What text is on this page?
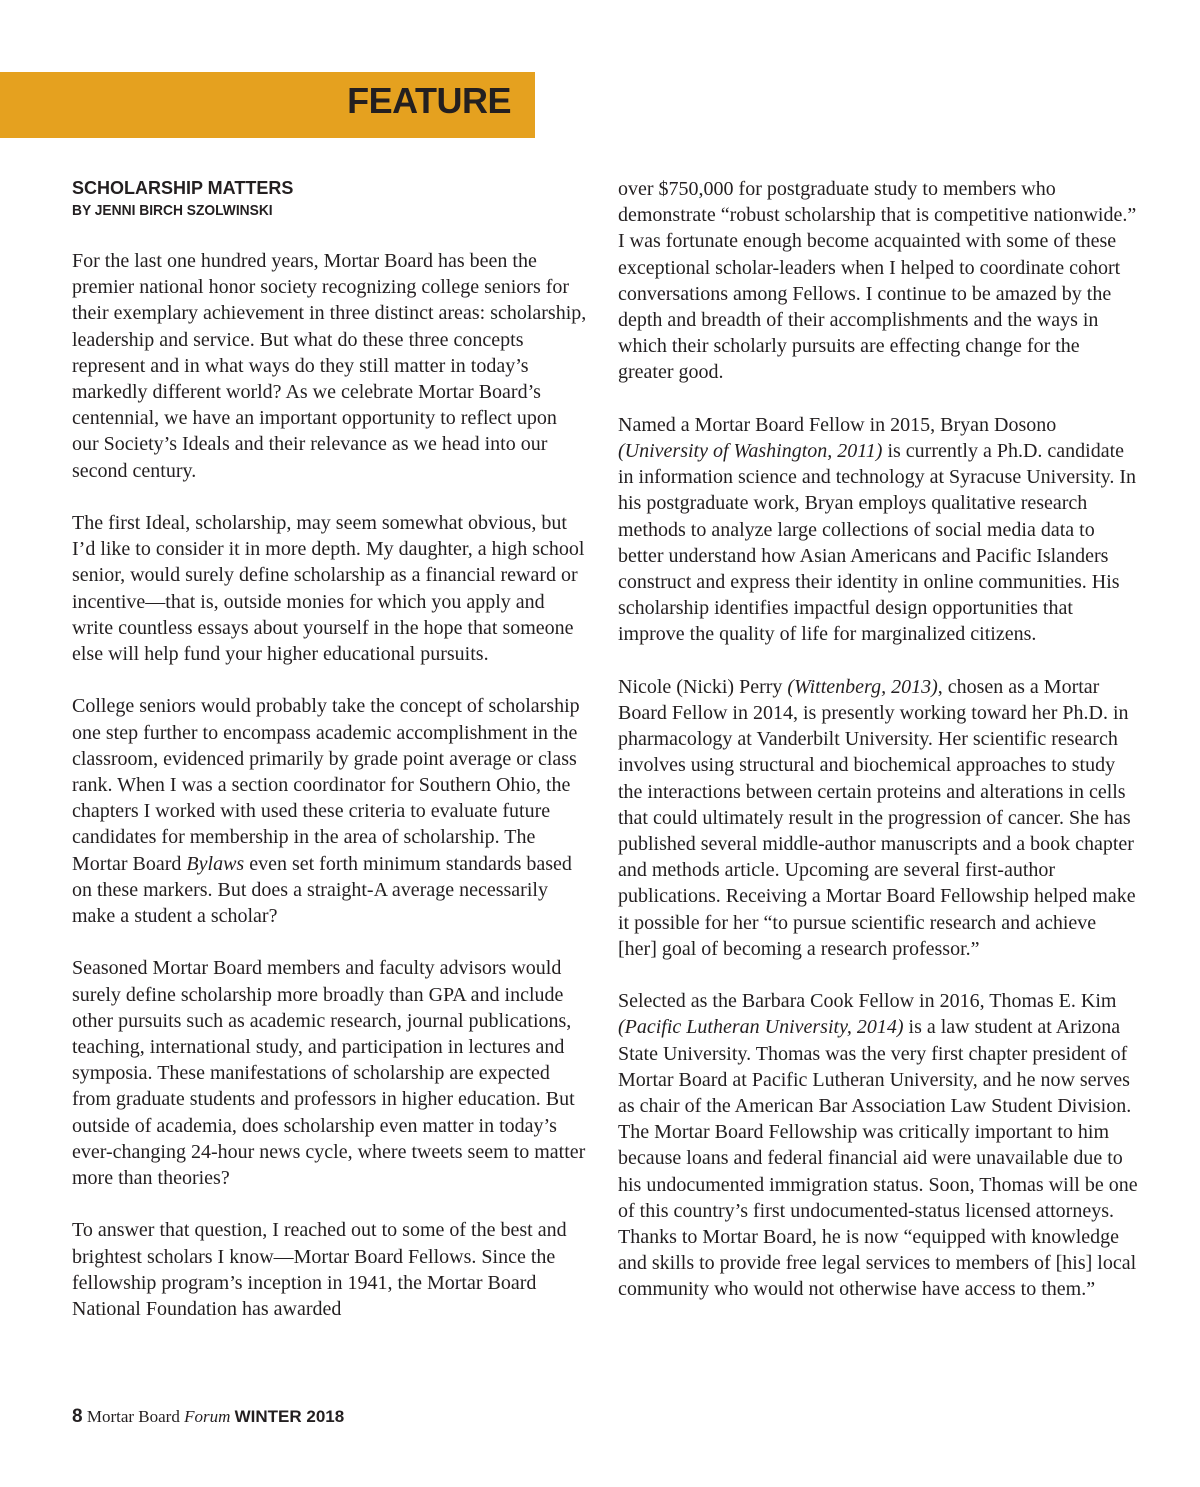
FEATURE
SCHOLARSHIP MATTERS
BY JENNI BIRCH SZOLWINSKI

For the last one hundred years, Mortar Board has been the premier national honor society recognizing college seniors for their exemplary achievement in three distinct areas: scholarship, leadership and service. But what do these three concepts represent and in what ways do they still matter in today’s markedly different world? As we celebrate Mortar Board’s centennial, we have an important opportunity to reflect upon our Society’s Ideals and their relevance as we head into our second century.

The first Ideal, scholarship, may seem somewhat obvious, but I’d like to consider it in more depth. My daughter, a high school senior, would surely define scholarship as a financial reward or incentive—that is, outside monies for which you apply and write countless essays about yourself in the hope that someone else will help fund your higher educational pursuits.

College seniors would probably take the concept of scholarship one step further to encompass academic accomplishment in the classroom, evidenced primarily by grade point average or class rank. When I was a section coordinator for Southern Ohio, the chapters I worked with used these criteria to evaluate future candidates for membership in the area of scholarship. The Mortar Board Bylaws even set forth minimum standards based on these markers. But does a straight-A average necessarily make a student a scholar?

Seasoned Mortar Board members and faculty advisors would surely define scholarship more broadly than GPA and include other pursuits such as academic research, journal publications, teaching, international study, and participation in lectures and symposia. These manifestations of scholarship are expected from graduate students and professors in higher education. But outside of academia, does scholarship even matter in today’s ever-changing 24-hour news cycle, where tweets seem to matter more than theories?

To answer that question, I reached out to some of the best and brightest scholars I know—Mortar Board Fellows. Since the fellowship program’s inception in 1941, the Mortar Board National Foundation has awarded

over $750,000 for postgraduate study to members who demonstrate “robust scholarship that is competitive nationwide.” I was fortunate enough become acquainted with some of these exceptional scholar-leaders when I helped to coordinate cohort conversations among Fellows. I continue to be amazed by the depth and breadth of their accomplishments and the ways in which their scholarly pursuits are effecting change for the greater good.

Named a Mortar Board Fellow in 2015, Bryan Dosono (University of Washington, 2011) is currently a Ph.D. candidate in information science and technology at Syracuse University. In his postgraduate work, Bryan employs qualitative research methods to analyze large collections of social media data to better understand how Asian Americans and Pacific Islanders construct and express their identity in online communities. His scholarship identifies impactful design opportunities that improve the quality of life for marginalized citizens.

Nicole (Nicki) Perry (Wittenberg, 2013), chosen as a Mortar Board Fellow in 2014, is presently working toward her Ph.D. in pharmacology at Vanderbilt University. Her scientific research involves using structural and biochemical approaches to study the interactions between certain proteins and alterations in cells that could ultimately result in the progression of cancer. She has published several middle-author manuscripts and a book chapter and methods article. Upcoming are several first-author publications. Receiving a Mortar Board Fellowship helped make it possible for her “to pursue scientific research and achieve [her] goal of becoming a research professor.”

Selected as the Barbara Cook Fellow in 2016, Thomas E. Kim (Pacific Lutheran University, 2014) is a law student at Arizona State University. Thomas was the very first chapter president of Mortar Board at Pacific Lutheran University, and he now serves as chair of the American Bar Association Law Student Division. The Mortar Board Fellowship was critically important to him because loans and federal financial aid were unavailable due to his undocumented immigration status. Soon, Thomas will be one of this country’s first undocumented-status licensed attorneys. Thanks to Mortar Board, he is now “equipped with knowledge and skills to provide free legal services to members of [his] local community who would not otherwise have access to them.”

8 Mortar Board Forum WINTER 2018
